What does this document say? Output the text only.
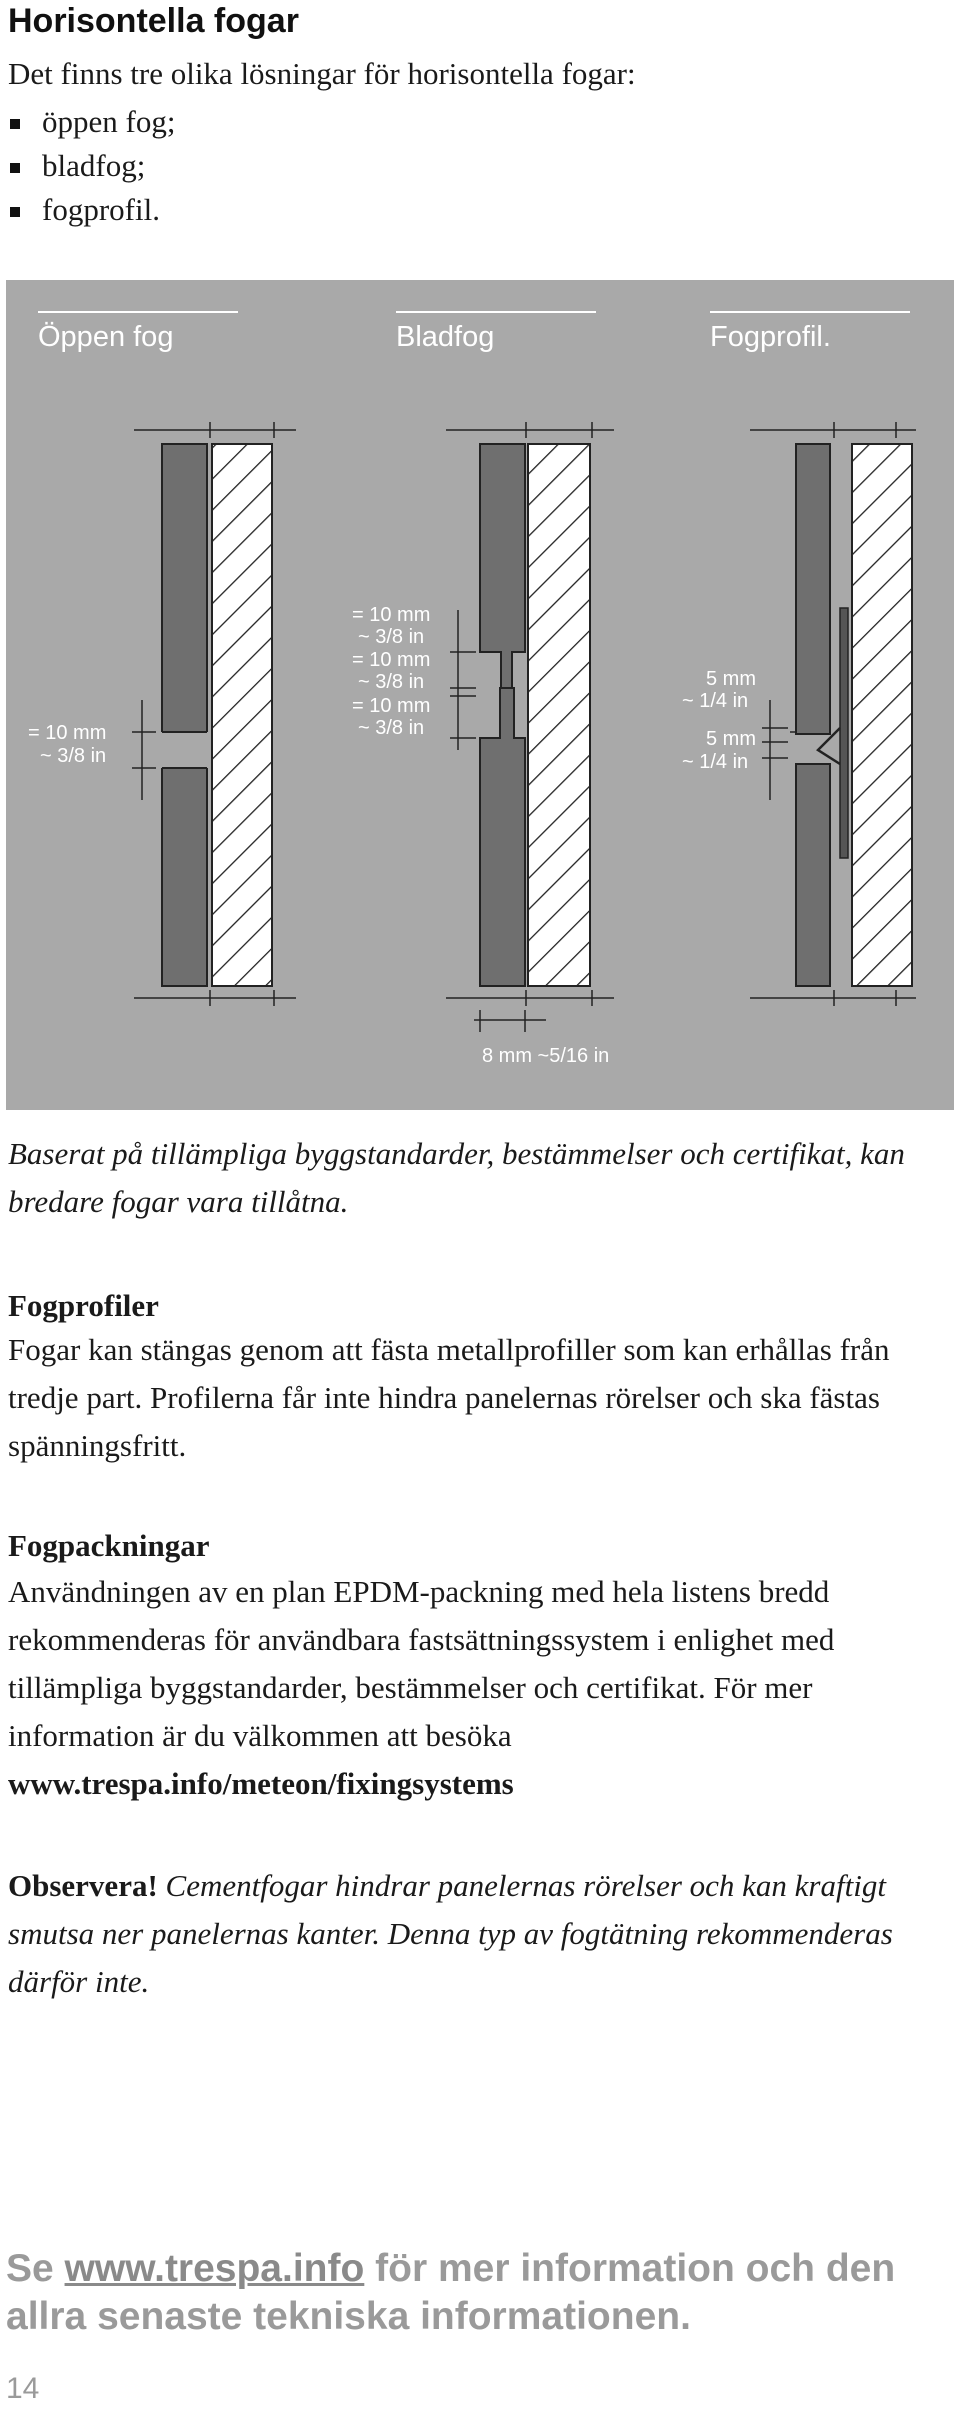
Horisontella fogar

Det finns tre olika lösningar för horisontella fogar:

öppen fog;
bladfog;
fogprofil.
Öppen fog	Bladfog	Fogprofil.
= 10 mm
~ 3/8 in
= 10 mm
~ 3/8 in
= 10 mm
~ 3/8 in
= 10 mm
~ 3/8 in
8 mm ~5/16 in
5 mm
~ 1/4 in
5 mm
~ 1/4 in

Baserat på tillämpliga byggstandarder, bestämmelser och certifikat, kan bredare fogar vara tillåtna.

Fogprofiler

Fogar kan stängas genom att fästa metallprofiller som kan erhållas från tredje part. Profilerna får inte hindra panelernas rörelser och ska fästas spänningsfritt.

Fogpackningar

Användningen av en plan EPDM-packning med hela listens bredd rekommenderas för användbara fastsättningssystem i enlighet med tillämpliga byggstandarder, bestämmelser och certifikat. För mer information är du välkommen att besöka
www.trespa.info/meteon/fixingsystems

Observera! Cementfogar hindrar panelernas rörelser och kan kraftigt smutsa ner panelernas kanter. Denna typ av fogtätning rekommenderas därför inte.

Se www.trespa.info för mer information och den allra senaste tekniska informationen.

14
